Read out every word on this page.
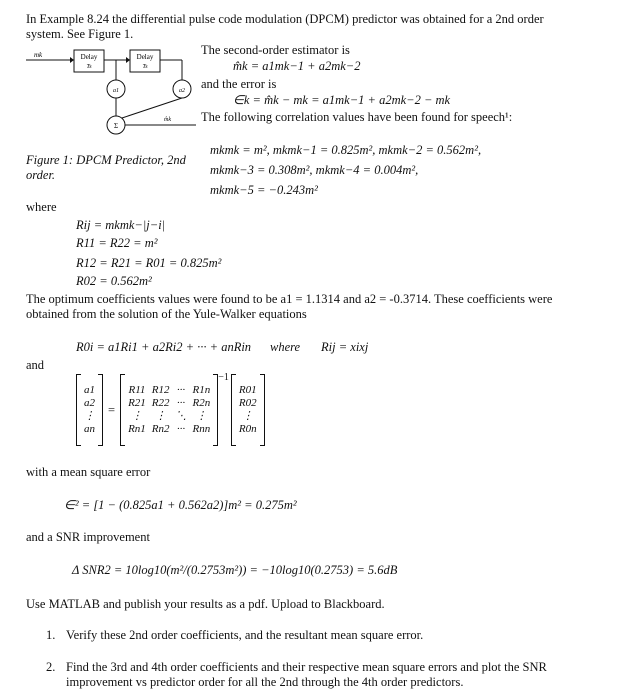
In Example 8.24 the differential pulse code modulation (DPCM) predictor was obtained for a 2nd order
system. See Figure 1.
mk	Delay
Ts
Delay
Ts
a1	a2
Σ
m̂k
Figure 1: DPCM Predictor, 2nd
order.
The second-order estimator is
m̂k = a1mk−1 + a2mk−2
and the error is
∈k = m̂k − mk = a1mk−1 + a2mk−2 − mk
The following correlation values have been found for speech¹:
mkmk = m², mkmk−1 = 0.825m², mkmk−2 = 0.562m²,
mkmk−3 = 0.308m², mkmk−4 = 0.004m²,
mkmk−5 = −0.243m²
where
Rij = mkmk−|j−i|
R11 = R22 = m²
R12 = R21 = R01 = 0.825m²
R02 = 0.562m²
The optimum coefficients values were found to be a1 = 1.1314 and a2 = -0.3714. These coefficients were
obtained from the solution of the Yule-Walker equations
R0i = a1Ri1 + a2Ri2 + ··· + anRin where Rij = xixj
and
a1
a2
⋮
an
=
R11	R12	···	R1n
R21	R22	···	R2n
⋮	⋮	⋱	⋮
Rn1	Rn2	···	Rnn
−1
R01
R02
⋮
R0n
with a mean square error
∈² = [1 − (0.825a1 + 0.562a2)]m² = 0.275m²
and a SNR improvement
Δ SNR2 = 10log10(m²/(0.2753m²)) = −10log10(0.2753) = 5.6dB
Use MATLAB and publish your results as a pdf. Upload to Blackboard.
1. Verify these 2nd order coefficients, and the resultant mean square error.
2. Find the 3rd and 4th order coefficients and their respective mean square errors and plot the SNR
improvement vs predictor order for all the 2nd through the 4th order predictors.
